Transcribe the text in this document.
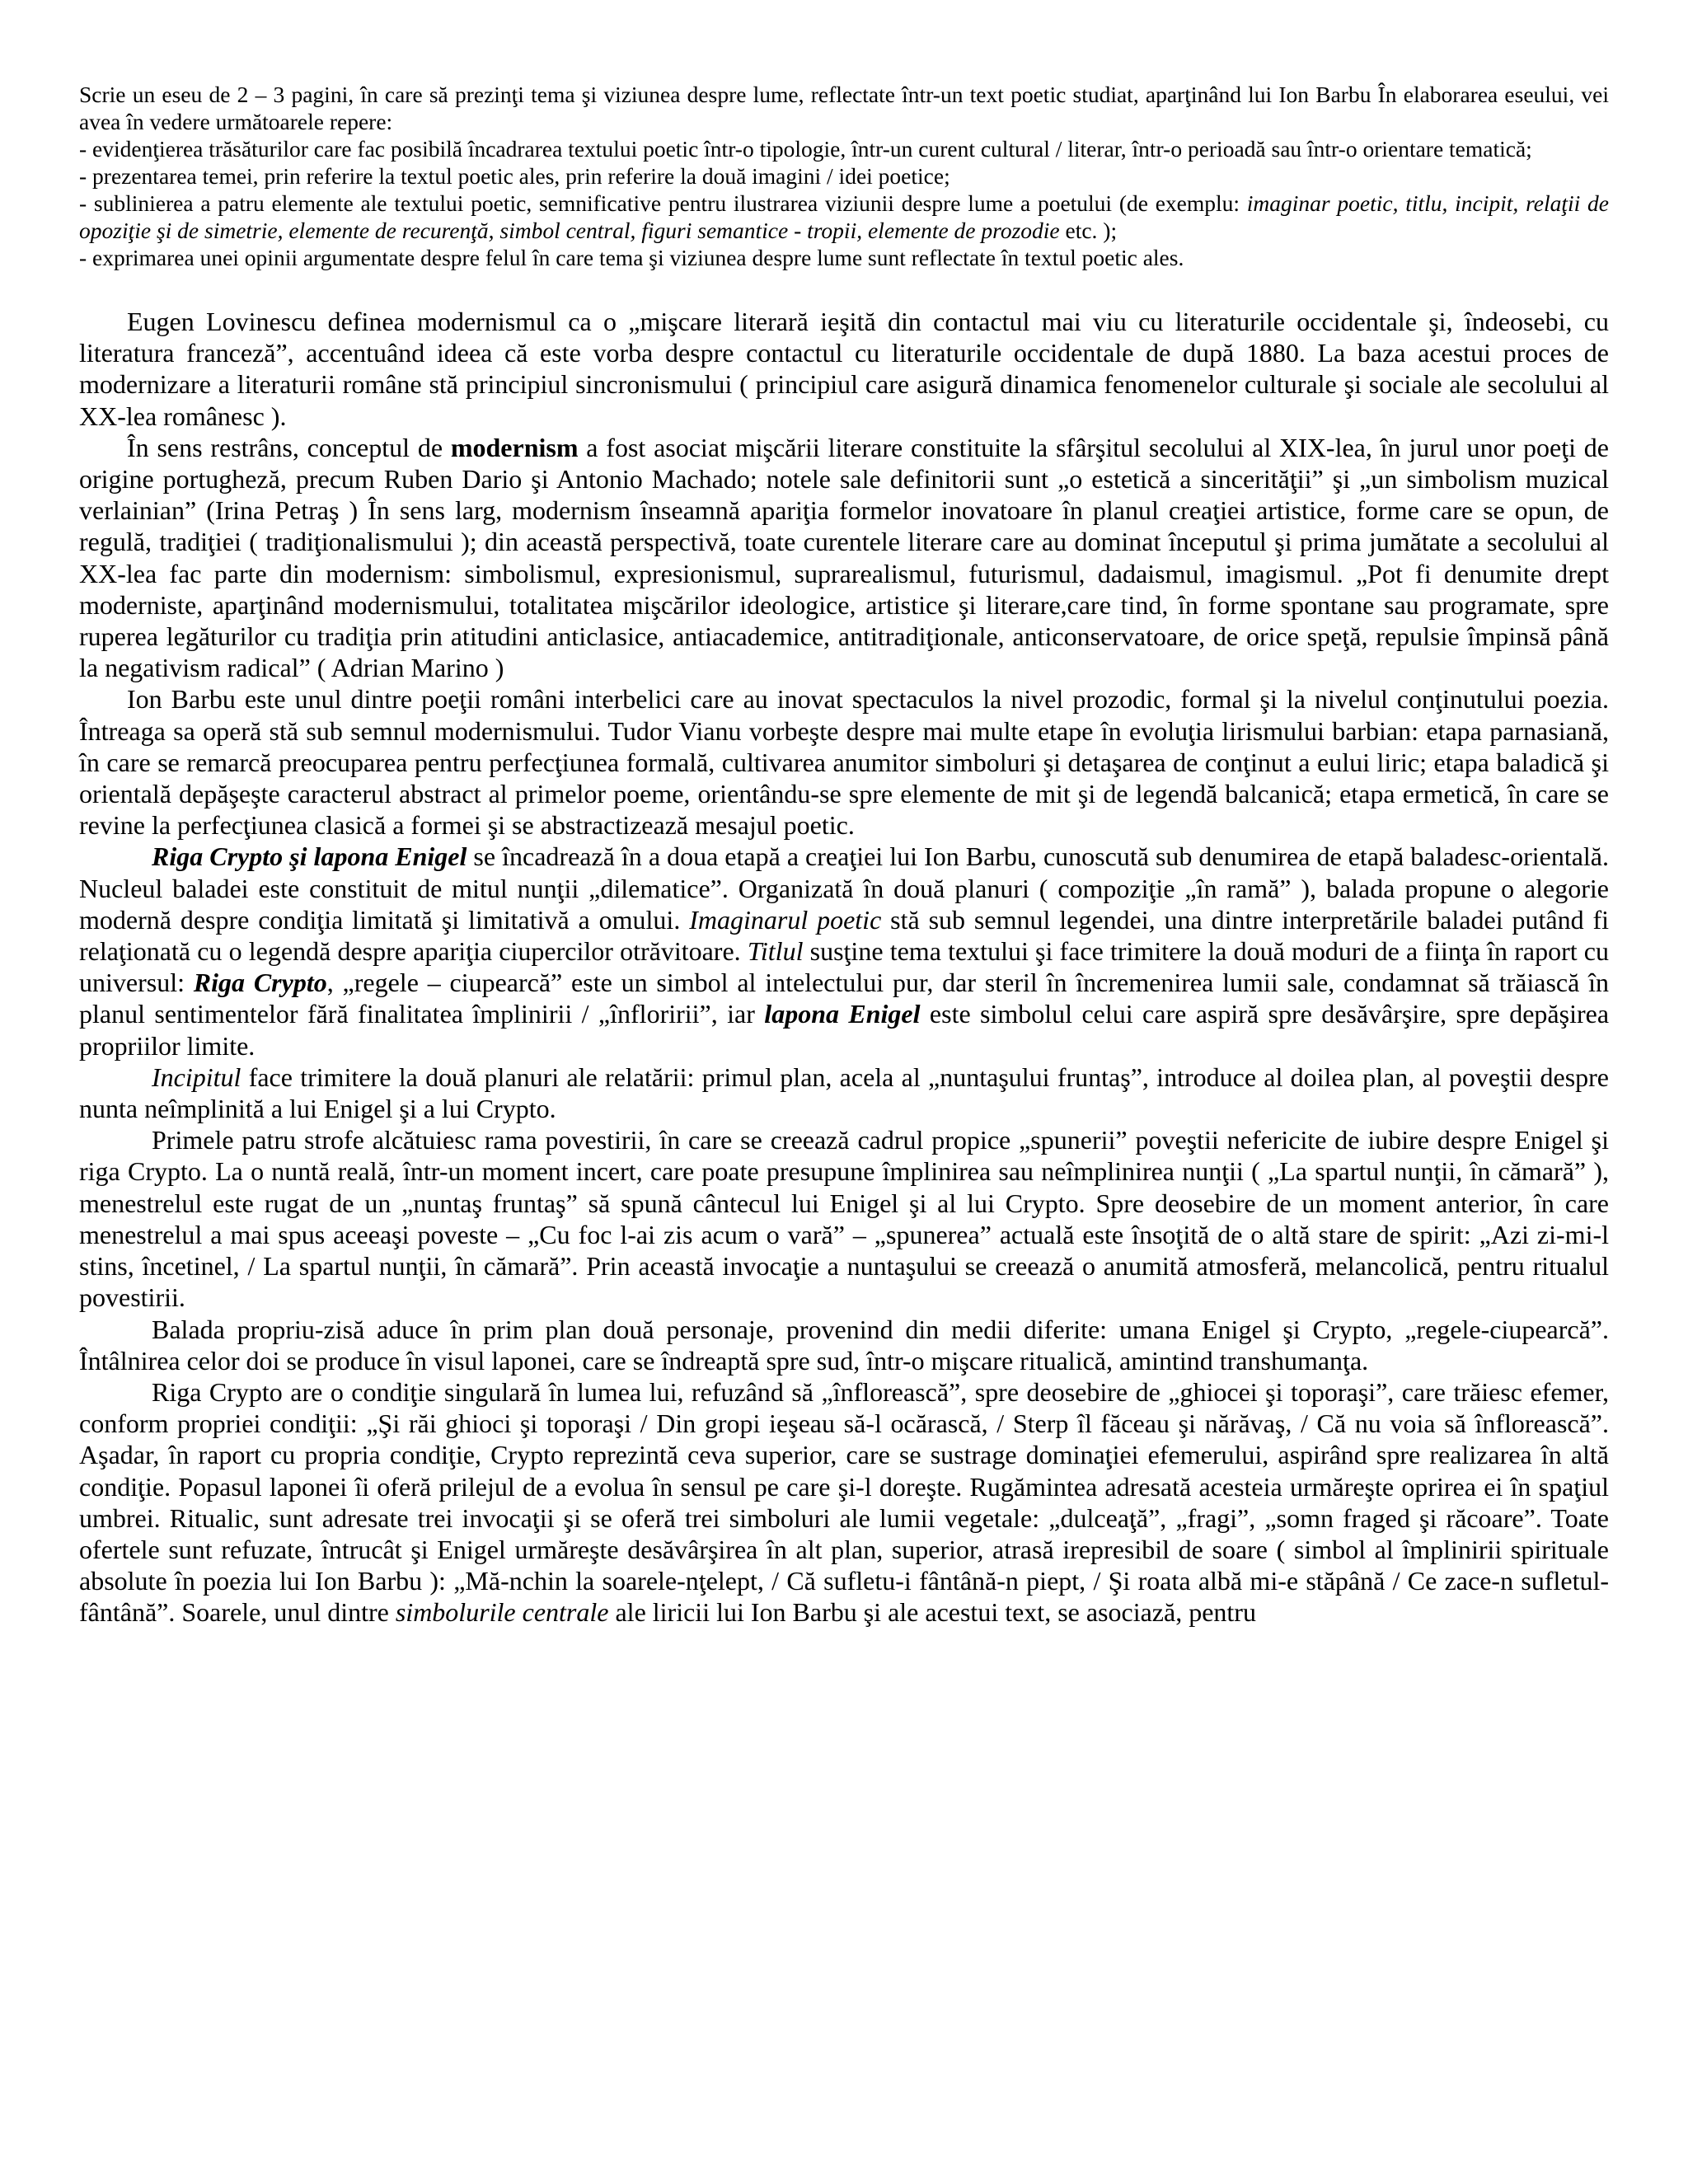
Scrie un eseu de 2 – 3 pagini, în care să prezinţi tema şi viziunea despre lume, reflectate într-un text poetic studiat, aparţinând lui Ion Barbu În elaborarea eseului, vei avea în vedere următoarele repere:

- evidenţierea trăsăturilor care fac posibilă încadrarea textului poetic într-o tipologie, într-un curent cultural / literar, într-o perioadă sau într-o orientare tematică;

- prezentarea temei, prin referire la textul poetic ales, prin referire la două imagini / idei poetice;

- sublinierea a patru elemente ale textului poetic, semnificative pentru ilustrarea viziunii despre lume a poetului (de exemplu: imaginar poetic, titlu, incipit, relaţii de opoziţie şi de simetrie, elemente de recurenţă, simbol central, figuri semantice - tropii, elemente de prozodie etc. );

- exprimarea unei opinii argumentate despre felul în care tema şi viziunea despre lume sunt reflectate în textul poetic ales.

Eugen Lovinescu definea modernismul ca o „mişcare literară ieşită din contactul mai viu cu literaturile occidentale şi, îndeosebi, cu literatura franceză”, accentuând ideea că este vorba despre contactul cu literaturile occidentale de după 1880. La baza acestui proces de modernizare a literaturii române stă principiul sincronismului ( principiul care asigură dinamica fenomenelor culturale şi sociale ale secolului al XX-lea românesc ).

În sens restrâns, conceptul de modernism a fost asociat mişcării literare constituite la sfârşitul secolului al XIX-lea, în jurul unor poeţi de origine portugheză, precum Ruben Dario şi Antonio Machado; notele sale definitorii sunt „o estetică a sincerităţii” şi „un simbolism muzical verlainian” (Irina Petraş ) În sens larg, modernism înseamnă apariţia formelor inovatoare în planul creaţiei artistice, forme care se opun, de regulă, tradiţiei ( tradiţionalismului ); din această perspectivă, toate curentele literare care au dominat începutul şi prima jumătate a secolului al XX-lea fac parte din modernism: simbolismul, expresionismul, suprarealismul, futurismul, dadaismul, imagismul. „Pot fi denumite drept moderniste, aparţinând modernismului, totalitatea mişcărilor ideologice, artistice şi literare,care tind, în forme spontane sau programate, spre ruperea legăturilor cu tradiţia prin atitudini anticlasice, antiacademice, antitradiţionale, anticonservatoare, de orice speţă, repulsie împinsă până la negativism radical” ( Adrian Marino )

Ion Barbu este unul dintre poeţii români interbelici care au inovat spectaculos la nivel prozodic, formal şi la nivelul conţinutului poezia. Întreaga sa operă stă sub semnul modernismului. Tudor Vianu vorbeşte despre mai multe etape în evoluţia lirismului barbian: etapa parnasiană, în care se remarcă preocuparea pentru perfecţiunea formală, cultivarea anumitor simboluri şi detaşarea de conţinut a eului liric; etapa baladică şi orientală depăşeşte caracterul abstract al primelor poeme, orientându-se spre elemente de mit şi de legendă balcanică; etapa ermetică, în care se revine la perfecţiunea clasică a formei şi se abstractizează mesajul poetic.

Riga Crypto şi lapona Enigel se încadrează în a doua etapă a creaţiei lui Ion Barbu, cunoscută sub denumirea de etapă baladesc-orientală. Nucleul baladei este constituit de mitul nunţii „dilematice”. Organizată în două planuri ( compoziţie „în ramă” ), balada propune o alegorie modernă despre condiţia limitată şi limitativă a omului. Imaginarul poetic stă sub semnul legendei, una dintre interpretările baladei putând fi relaţionată cu o legendă despre apariţia ciupercilor otrăvitoare. Titlul susţine tema textului şi face trimitere la două moduri de a fiinţa în raport cu universul: Riga Crypto, „regele – ciupearcă” este un simbol al intelectului pur, dar steril în încremenirea lumii sale, condamnat să trăiască în planul sentimentelor fără finalitatea împlinirii / „înfloririi”, iar lapona Enigel este simbolul celui care aspiră spre desăvârşire, spre depăşirea propriilor limite.

Incipitul face trimitere la două planuri ale relatării: primul plan, acela al „nuntaşului fruntaş”, introduce al doilea plan, al poveştii despre nunta neîmplinită a lui Enigel şi a lui Crypto.

Primele patru strofe alcătuiesc rama povestirii, în care se creează cadrul propice „spunerii” poveştii nefericite de iubire despre Enigel şi riga Crypto. La o nuntă reală, într-un moment incert, care poate presupune împlinirea sau neîmplinirea nunţii ( „La spartul nunţii, în cămară” ), menestrelul este rugat de un „nuntaş fruntaş” să spună cântecul lui Enigel şi al lui Crypto. Spre deosebire de un moment anterior, în care menestrelul a mai spus aceeaşi poveste – „Cu foc l-ai zis acum o vară” – „spunerea” actuală este însoţită de o altă stare de spirit: „Azi zi-mi-l stins, încetinel, / La spartul nunţii, în cămară”. Prin această invocaţie a nuntaşului se creează o anumită atmosferă, melancolică, pentru ritualul povestirii.

Balada propriu-zisă aduce în prim plan două personaje, provenind din medii diferite: umana Enigel şi Crypto, „regele-ciupearcă”. Întâlnirea celor doi se produce în visul laponei, care se îndreaptă spre sud, într-o mişcare ritualică, amintind transhumanţa.

Riga Crypto are o condiţie singulară în lumea lui, refuzând să „înflorească”, spre deosebire de „ghiocei şi toporaşi”, care trăiesc efemer, conform propriei condiţii: „Şi răi ghioci şi toporaşi / Din gropi ieşeau să-l ocărască, / Sterp îl făceau şi nărăvaş, / Că nu voia să înflorească”. Aşadar, în raport cu propria condiţie, Crypto reprezintă ceva superior, care se sustrage dominaţiei efemerului, aspirând spre realizarea în altă condiţie. Popasul laponei îi oferă prilejul de a evolua în sensul pe care şi-l doreşte. Rugămintea adresată acesteia urmăreşte oprirea ei în spaţiul umbrei. Ritualic, sunt adresate trei invocaţii şi se oferă trei simboluri ale lumii vegetale: „dulceaţă”, „fragi”, „somn fraged şi răcoare”. Toate ofertele sunt refuzate, întrucât şi Enigel urmăreşte desăvârşirea în alt plan, superior, atrasă irepresibil de soare ( simbol al împlinirii spirituale absolute în poezia lui Ion Barbu ): „Mă-nchin la soarele-nţelept, / Că sufletu-i fântână-n piept, / Şi roata albă mi-e stăpână / Ce zace-n sufletul-fântână”. Soarele, unul dintre simbolurile centrale ale liricii lui Ion Barbu şi ale acestui text, se asociază, pentru
